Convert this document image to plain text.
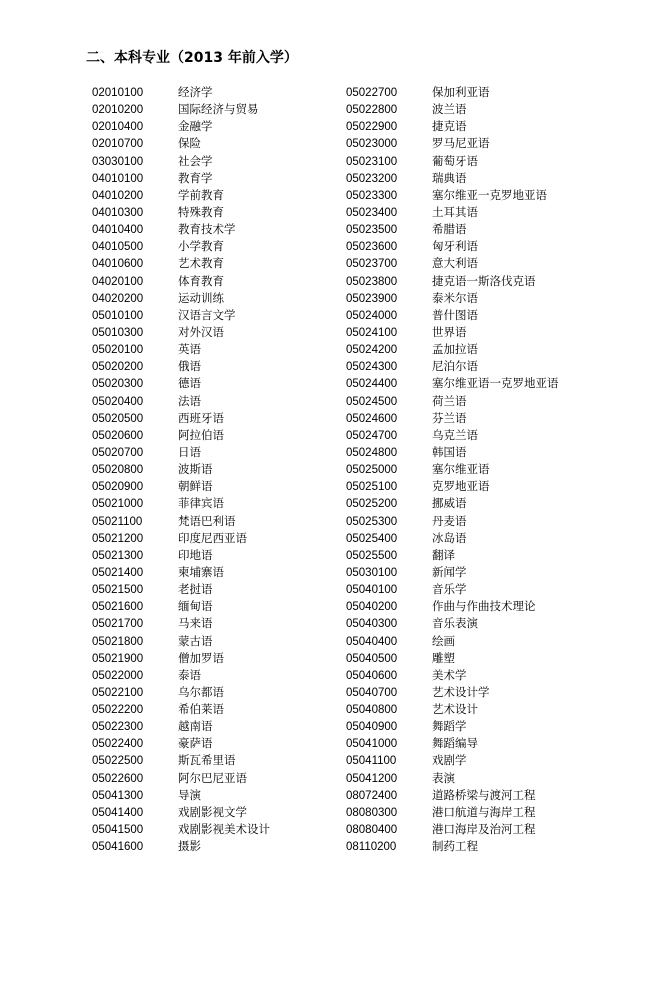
二、本科专业（2013 年前入学）
02010100	经济学
02010200	国际经济与贸易
02010400	金融学
02010700	保险
03030100	社会学
04010100	教育学
04010200	学前教育
04010300	特殊教育
04010400	教育技术学
04010500	小学教育
04010600	艺术教育
04020100	体育教育
04020200	运动训练
05010100	汉语言文学
05010300	对外汉语
05020100	英语
05020200	俄语
05020300	德语
05020400	法语
05020500	西班牙语
05020600	阿拉伯语
05020700	日语
05020800	波斯语
05020900	朝鲜语
05021000	菲律宾语
05021100	梵语巴利语
05021200	印度尼西亚语
05021300	印地语
05021400	柬埔寨语
05021500	老挝语
05021600	缅甸语
05021700	马来语
05021800	蒙古语
05021900	僧加罗语
05022000	泰语
05022100	乌尔都语
05022200	希伯莱语
05022300	越南语
05022400	豪萨语
05022500	斯瓦希里语
05022600	阿尔巴尼亚语
05041300	导演
05041400	戏剧影视文学
05041500	戏剧影视美术设计
05041600	摄影
05022700	保加利亚语
05022800	波兰语
05022900	捷克语
05023000	罗马尼亚语
05023100	葡萄牙语
05023200	瑞典语
05023300	塞尔维亚一克罗地亚语
05023400	土耳其语
05023500	希腊语
05023600	匈牙利语
05023700	意大利语
05023800	捷克语一斯洛伐克语
05023900	泰米尔语
05024000	普什图语
05024100	世界语
05024200	孟加拉语
05024300	尼泊尔语
05024400	塞尔维亚语一克罗地亚语
05024500	荷兰语
05024600	芬兰语
05024700	乌克兰语
05024800	韩国语
05025000	塞尔维亚语
05025100	克罗地亚语
05025200	挪威语
05025300	丹麦语
05025400	冰岛语
05025500	翻译
05030100	新闻学
05040100	音乐学
05040200	作曲与作曲技术理论
05040300	音乐表演
05040400	绘画
05040500	雕塑
05040600	美术学
05040700	艺术设计学
05040800	艺术设计
05040900	舞蹈学
05041000	舞蹈编导
05041100	戏剧学
05041200	表演
08072400	道路桥梁与渡河工程
08080300	港口航道与海岸工程
08080400	港口海岸及治河工程
08110200	制药工程
